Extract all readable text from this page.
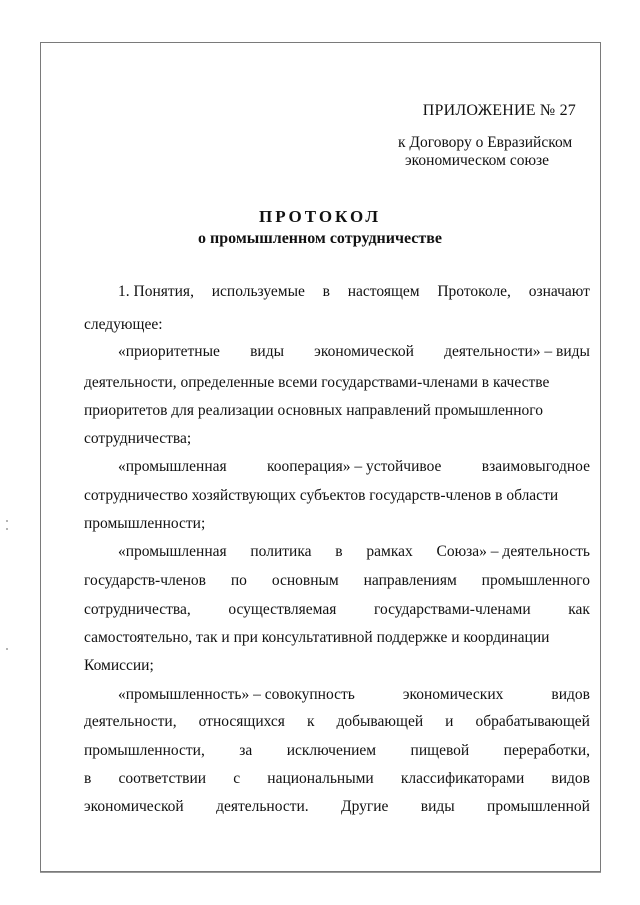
ПРИЛОЖЕНИЕ № 27
к Договору о Евразийском
экономическом союзе
ПРОТОКОЛ
о промышленном сотрудничестве
1. Понятия, используемые в настоящем Протоколе, означают
следующее:
«приоритетные виды экономической деятельности» – виды
деятельности, определенные всеми государствами-членами в качестве
приоритетов для реализации основных направлений промышленного
сотрудничества;
«промышленная	кооперация» – устойчивое	взаимовыгодное
сотрудничество хозяйствующих субъектов государств-членов в области
промышленности;
«промышленная политика в рамках Союза» – деятельность
государств-членов по основным направлениям промышленного
сотрудничества, осуществляемая государствами-членами как
самостоятельно, так и при консультативной поддержке и координации
Комиссии;
«промышленность» – совокупность	экономических	видов
деятельности, относящихся к добывающей и обрабатывающей
промышленности, за исключением пищевой переработки,
в соответствии с национальными классификаторами видов
экономической деятельности. Другие виды промышленной
